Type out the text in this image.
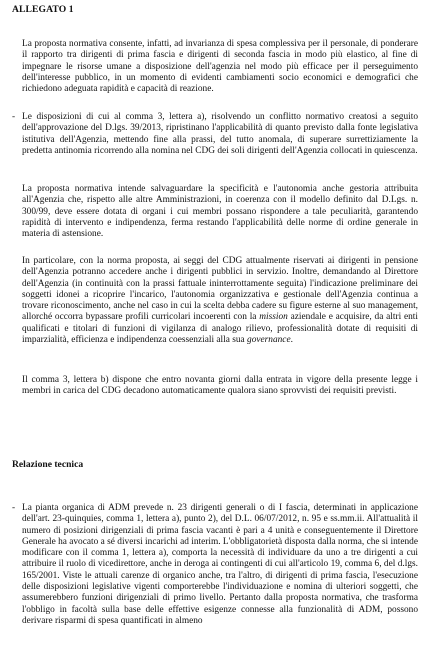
ALLEGATO 1

La proposta normativa consente, infatti, ad invarianza di spesa complessiva per il personale, di ponderare il rapporto tra dirigenti di prima fascia e dirigenti di seconda fascia in modo più elastico, al fine di impegnare le risorse umane a disposizione dell'agenzia nel modo più efficace per il perseguimento dell'interesse pubblico, in un momento di evidenti cambiamenti socio economici e demografici che richiedono adeguata rapidità e capacità di reazione.

- Le disposizioni di cui al comma 3, lettera a), risolvendo un conflitto normativo creatosi a seguito dell'approvazione del D.lgs. 39/2013, ripristinano l'applicabilità di quanto previsto dalla fonte legislativa istitutiva dell'Agenzia, mettendo fine alla prassi, del tutto anomala, di superare surrettiziamente la predetta antinomia ricorrendo alla nomina nel CDG dei soli dirigenti dell'Agenzia collocati in quiescenza.

La proposta normativa intende salvaguardare la specificità e l'autonomia anche gestoria attribuita all'Agenzia che, rispetto alle altre Amministrazioni, in coerenza con il modello definito dal D.Lgs. n. 300/99, deve essere dotata di organi i cui membri possano rispondere a tale peculiarità, garantendo rapidità di intervento e indipendenza, ferma restando l'applicabilità delle norme di ordine generale in materia di astensione.

In particolare, con la norma proposta, ai seggi del CDG attualmente riservati ai dirigenti in pensione dell'Agenzia potranno accedere anche i dirigenti pubblici in servizio. Inoltre, demandando al Direttore dell'Agenzia (in continuità con la prassi fattuale ininterrottamente seguita) l'indicazione preliminare dei soggetti idonei a ricoprire l'incarico, l'autonomia organizzativa e gestionale dell'Agenzia continua a trovare riconoscimento, anche nel caso in cui la scelta debba cadere su figure esterne al suo management, allorché occorra bypassare profili curricolari incoerenti con la mission aziendale e acquisire, da altri enti qualificati e titolari di funzioni di vigilanza di analogo rilievo, professionalità dotate di requisiti di imparzialità, efficienza e indipendenza coessenziali alla sua governance.

Il comma 3, lettera b) dispone che entro novanta giorni dalla entrata in vigore della presente legge i membri in carica del CDG decadono automaticamente qualora siano sprovvisti dei requisiti previsti.

Relazione tecnica
- La pianta organica di ADM prevede n. 23 dirigenti generali o di I fascia, determinati in applicazione dell'art. 23-quinquies, comma 1, lettera a), punto 2), del D.L. 06/07/2012, n. 95 e ss.mm.ii. All'attualità il numero di posizioni dirigenziali di prima fascia vacanti è pari a 4 unità e conseguentemente il Direttore Generale ha avocato a sé diversi incarichi ad interim. L'obbligatorietà disposta dalla norma, che si intende modificare con il comma 1, lettera a), comporta la necessità di individuare da uno a tre dirigenti a cui attribuire il ruolo di vicedirettore, anche in deroga ai contingenti di cui all'articolo 19, comma 6, del d.lgs. 165/2001. Viste le attuali carenze di organico anche, tra l'altro, di dirigenti di prima fascia, l'esecuzione delle disposizioni legislative vigenti comporterebbe l'individuazione e nomina di ulteriori soggetti, che assumerebbero funzioni dirigenziali di primo livello. Pertanto dalla proposta normativa, che trasforma l'obbligo in facoltà sulla base delle effettive esigenze connesse alla funzionalità di ADM, possono derivare risparmi di spesa quantificati in almeno
